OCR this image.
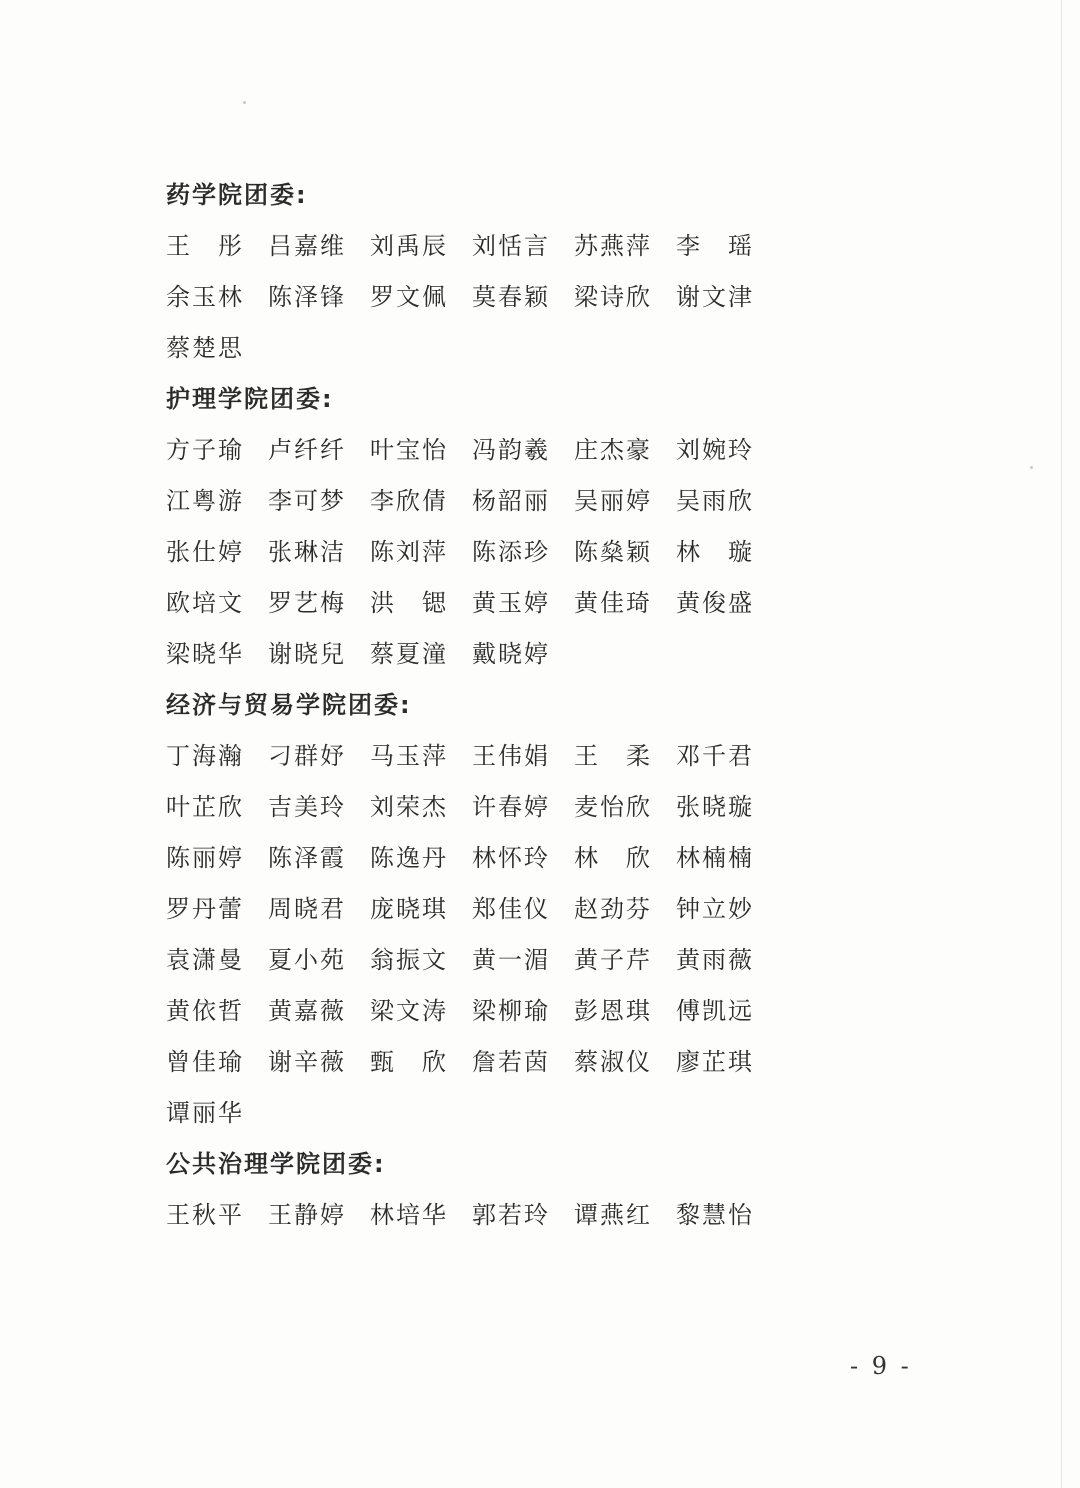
药学院团委:
王　彤	吕嘉维	刘禹辰	刘恬言	苏燕萍	李　瑶
余玉林	陈泽锋	罗文佩	莫春颖	梁诗欣	谢文津
蔡楚思
护理学院团委:
方子瑜	卢纤纤	叶宝怡	冯韵羲	庄杰豪	刘婉玲
江粤游	李可梦	李欣倩	杨韶丽	吴丽婷	吴雨欣
张仕婷	张琳洁	陈刘萍	陈添珍	陈燊颖	林　璇
欧培文	罗艺梅	洪　锶	黄玉婷	黄佳琦	黄俊盛
梁晓华	谢晓兒	蔡夏潼	戴晓婷
经济与贸易学院团委:
丁海瀚	刁群妤	马玉萍	王伟娟	王　柔	邓千君
叶芷欣	吉美玲	刘荣杰	许春婷	麦怡欣	张晓璇
陈丽婷	陈泽霞	陈逸丹	林怀玲	林　欣	林楠楠
罗丹蕾	周晓君	庞晓琪	郑佳仪	赵劲芬	钟立妙
袁潇曼	夏小苑	翁振文	黄一湄	黄子芹	黄雨薇
黄依哲	黄嘉薇	梁文涛	梁柳瑜	彭恩琪	傅凯远
曾佳瑜	谢辛薇	甄　欣	詹若茵	蔡淑仪	廖芷琪
谭丽华
公共治理学院团委:
王秋平	王静婷	林培华	郭若玲	谭燕红	黎慧怡
- 9 -
